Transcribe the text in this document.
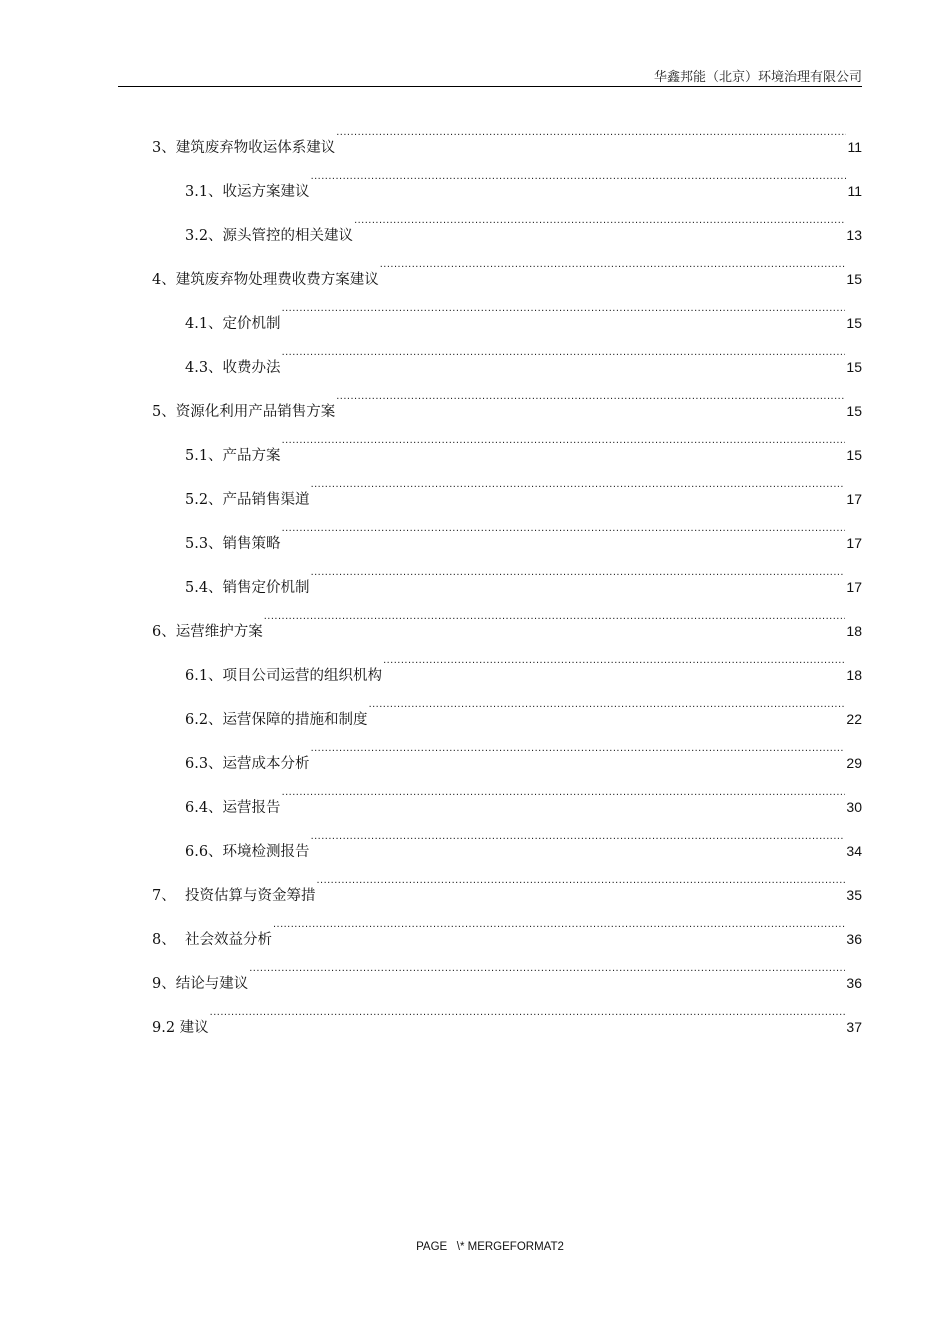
华鑫邦能（北京）环境治理有限公司
3、建筑废弃物收运体系建议 .....	11
3.1、收运方案建议 .....	11
3.2、源头管控的相关建议 .....	13
4、建筑废弃物处理费收费方案建议 .....	15
4.1、定价机制 .....	15
4.3、收费办法 .....	15
5、资源化利用产品销售方案 .....	15
5.1、产品方案 .....	15
5.2、产品销售渠道 .....	17
5.3、销售策略 .....	17
5.4、销售定价机制 .....	17
6、运营维护方案 .....	18
6.1、项目公司运营的组织机构 .....	18
6.2、运营保障的措施和制度 .....	22
6.3、运营成本分析 .....	29
6.4、运营报告 .....	30
6.6、环境检测报告 .....	34
7、  投资估算与资金筹措 .....	35
8、  社会效益分析 .....	36
9、结论与建议 .....	36
9.2 建议 .....	37
PAGE   \* MERGEFORMAT2
